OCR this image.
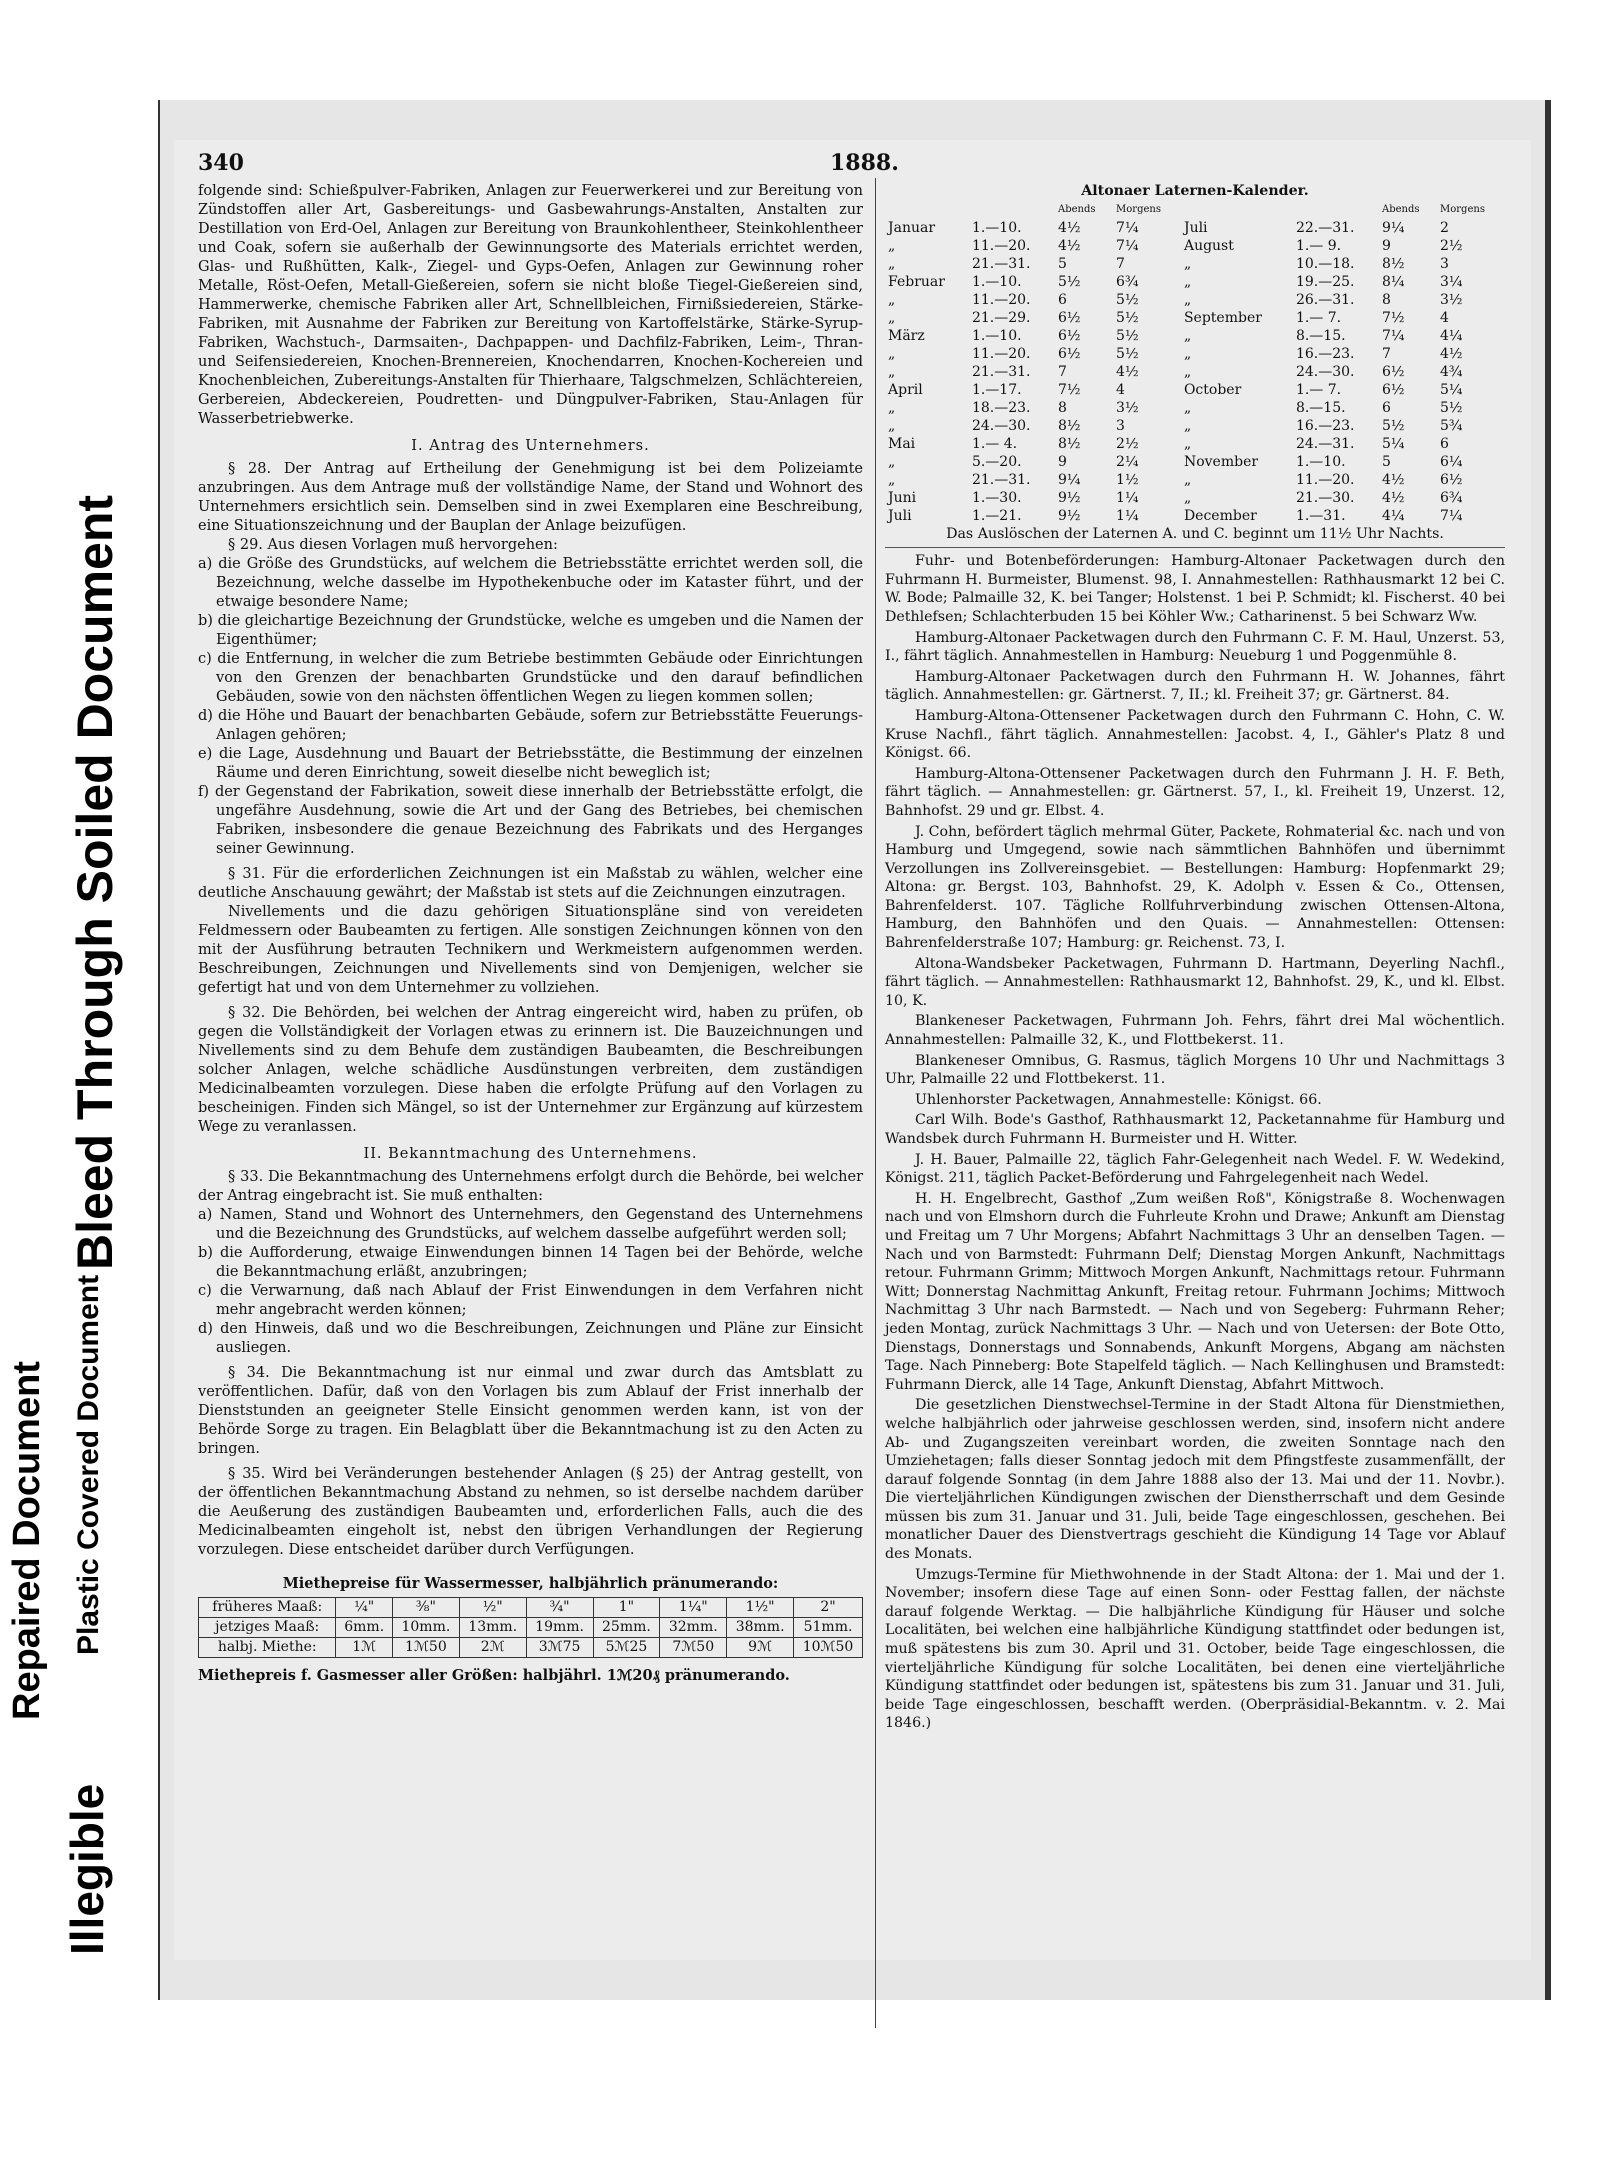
Repaired Document
Illegible
Plastic Covered Document
Bleed Through Soiled Document
340	1888.

folgende sind: Schießpulver-Fabriken, Anlagen zur Feuerwerkerei und zur Bereitung von Zündstoffen aller Art, Gasbereitungs- und Gasbewahrungs-Anstalten, Anstalten zur Destillation von Erd-Oel, Anlagen zur Bereitung von Braunkohlentheer, Steinkohlentheer und Coak, sofern sie außerhalb der Gewinnungsorte des Materials errichtet werden, Glas- und Rußhütten, Kalk-, Ziegel- und Gyps-Oefen, Anlagen zur Gewinnung roher Metalle, Röst-Oefen, Metall-Gießereien, sofern sie nicht bloße Tiegel-Gießereien sind, Hammerwerke, chemische Fabriken aller Art, Schnellbleichen, Firnißsiedereien, Stärke-Fabriken, mit Ausnahme der Fabriken zur Bereitung von Kartoffelstärke, Stärke-Syrup-Fabriken, Wachstuch-, Darmsaiten-, Dachpappen- und Dachfilz-Fabriken, Leim-, Thran- und Seifensiedereien, Knochen-Brennereien, Knochendarren, Knochen-Kochereien und Knochenbleichen, Zubereitungs-Anstalten für Thierhaare, Talgschmelzen, Schlächtereien, Gerbereien, Abdeckereien, Poudretten- und Düngpulver-Fabriken, Stau-Anlagen für Wasserbetriebwerke.

I. Antrag des Unternehmers.

§ 28. Der Antrag auf Ertheilung der Genehmigung ist bei dem Polizeiamte anzubringen. Aus dem Antrage muß der vollständige Name, der Stand und Wohnort des Unternehmers ersichtlich sein. Demselben sind in zwei Exemplaren eine Beschreibung, eine Situationszeichnung und der Bauplan der Anlage beizufügen.

§ 29. Aus diesen Vorlagen muß hervorgehen:

a) die Größe des Grundstücks, auf welchem die Betriebsstätte errichtet werden soll, die Bezeichnung, welche dasselbe im Hypothekenbuche oder im Kataster führt, und der etwaige besondere Name;

b) die gleichartige Bezeichnung der Grundstücke, welche es umgeben und die Namen der Eigenthümer;

c) die Entfernung, in welcher die zum Betriebe bestimmten Gebäude oder Einrichtungen von den Grenzen der benachbarten Grundstücke und den darauf befindlichen Gebäuden, sowie von den nächsten öffentlichen Wegen zu liegen kommen sollen;

d) die Höhe und Bauart der benachbarten Gebäude, sofern zur Betriebsstätte Feuerungs-Anlagen gehören;

e) die Lage, Ausdehnung und Bauart der Betriebsstätte, die Bestimmung der einzelnen Räume und deren Einrichtung, soweit dieselbe nicht beweglich ist;

f) der Gegenstand der Fabrikation, soweit diese innerhalb der Betriebsstätte erfolgt, die ungefähre Ausdehnung, sowie die Art und der Gang des Betriebes, bei chemischen Fabriken, insbesondere die genaue Bezeichnung des Fabrikats und des Herganges seiner Gewinnung.

§ 31. Für die erforderlichen Zeichnungen ist ein Maßstab zu wählen, welcher eine deutliche Anschauung gewährt; der Maßstab ist stets auf die Zeichnungen einzutragen.

Nivellements und die dazu gehörigen Situationspläne sind von vereideten Feldmessern oder Baubeamten zu fertigen. Alle sonstigen Zeichnungen können von den mit der Ausführung betrauten Technikern und Werkmeistern aufgenommen werden. Beschreibungen, Zeichnungen und Nivellements sind von Demjenigen, welcher sie gefertigt hat und von dem Unternehmer zu vollziehen.

§ 32. Die Behörden, bei welchen der Antrag eingereicht wird, haben zu prüfen, ob gegen die Vollständigkeit der Vorlagen etwas zu erinnern ist. Die Bauzeichnungen und Nivellements sind zu dem Behufe dem zuständigen Baubeamten, die Beschreibungen solcher Anlagen, welche schädliche Ausdünstungen verbreiten, dem zuständigen Medicinalbeamten vorzulegen. Diese haben die erfolgte Prüfung auf den Vorlagen zu bescheinigen. Finden sich Mängel, so ist der Unternehmer zur Ergänzung auf kürzestem Wege zu veranlassen.

II. Bekanntmachung des Unternehmens.

§ 33. Die Bekanntmachung des Unternehmens erfolgt durch die Behörde, bei welcher der Antrag eingebracht ist. Sie muß enthalten:

a) Namen, Stand und Wohnort des Unternehmers, den Gegenstand des Unternehmens und die Bezeichnung des Grundstücks, auf welchem dasselbe aufgeführt werden soll;

b) die Aufforderung, etwaige Einwendungen binnen 14 Tagen bei der Behörde, welche die Bekanntmachung erläßt, anzubringen;

c) die Verwarnung, daß nach Ablauf der Frist Einwendungen in dem Verfahren nicht mehr angebracht werden können;

d) den Hinweis, daß und wo die Beschreibungen, Zeichnungen und Pläne zur Einsicht ausliegen.

§ 34. Die Bekanntmachung ist nur einmal und zwar durch das Amtsblatt zu veröffentlichen. Dafür, daß von den Vorlagen bis zum Ablauf der Frist innerhalb der Dienststunden an geeigneter Stelle Einsicht genommen werden kann, ist von der Behörde Sorge zu tragen. Ein Belagblatt über die Bekanntmachung ist zu den Acten zu bringen.

§ 35. Wird bei Veränderungen bestehender Anlagen (§ 25) der Antrag gestellt, von der öffentlichen Bekanntmachung Abstand zu nehmen, so ist derselbe nachdem darüber die Aeußerung des zuständigen Baubeamten und, erforderlichen Falls, auch die des Medicinalbeamten eingeholt ist, nebst den übrigen Verhandlungen der Regierung vorzulegen. Diese entscheidet darüber durch Verfügungen.

Miethepreise für Wassermesser, halbjährlich pränumerando:

früheres Maaß:	¼"	⅜"	½"	¾"	1"	1¼"	1½"	2"
jetziges Maaß:	6mm.	10mm.	13mm.	19mm.	25mm.	32mm.	38mm.	51mm.
halbj. Miethe:	1ℳ	1ℳ50	2ℳ	3ℳ75	5ℳ25	7ℳ50	9ℳ	10ℳ50

Miethepreis f. Gasmesser aller Größen: halbjährl. 1ℳ20₰ pränumerando.

Altonaer Laternen-Kalender.

		Abends	Morgens			Abends	Morgens
Januar	1.—10.	4½	7¼	Juli	22.—31.	9¼	2
„	11.—20.	4½	7¼	August	1.— 9.	9	2½
„	21.—31.	5	7	„	10.—18.	8½	3
Februar	1.—10.	5½	6¾	„	19.—25.	8¼	3¼
„	11.—20.	6	5½	„	26.—31.	8	3½
„	21.—29.	6½	5½	September	1.— 7.	7½	4
März	1.—10.	6½	5½	„	8.—15.	7¼	4¼
„	11.—20.	6½	5½	„	16.—23.	7	4½
„	21.—31.	7	4½	„	24.—30.	6½	4¾
April	1.—17.	7½	4	October	1.— 7.	6½	5¼
„	18.—23.	8	3½	„	8.—15.	6	5½
„	24.—30.	8½	3	„	16.—23.	5½	5¾
Mai	1.— 4.	8½	2½	„	24.—31.	5¼	6
„	5.—20.	9	2¼	November	1.—10.	5	6¼
„	21.—31.	9¼	1½	„	11.—20.	4½	6½
Juni	1.—30.	9½	1¼	„	21.—30.	4½	6¾
Juli	1.—21.	9½	1¼	December	1.—31.	4¼	7¼

Das Auslöschen der Laternen A. und C. beginnt um 11½ Uhr Nachts.

Fuhr- und Botenbeförderungen: Hamburg-Altonaer Packetwagen durch den Fuhrmann H. Burmeister, Blumenst. 98, I. Annahmestellen: Rathhausmarkt 12 bei C. W. Bode; Palmaille 32, K. bei Tanger; Holstenst. 1 bei P. Schmidt; kl. Fischerst. 40 bei Dethlefsen; Schlachterbuden 15 bei Köhler Ww.; Catharinenst. 5 bei Schwarz Ww.

Hamburg-Altonaer Packetwagen durch den Fuhrmann C. F. M. Haul, Unzerst. 53, I., fährt täglich. Annahmestellen in Hamburg: Neueburg 1 und Poggenmühle 8.

Hamburg-Altonaer Packetwagen durch den Fuhrmann H. W. Johannes, fährt täglich. Annahmestellen: gr. Gärtnerst. 7, II.; kl. Freiheit 37; gr. Gärtnerst. 84.

Hamburg-Altona-Ottensener Packetwagen durch den Fuhrmann C. Hohn, C. W. Kruse Nachfl., fährt täglich. Annahmestellen: Jacobst. 4, I., Gähler's Platz 8 und Königst. 66.

Hamburg-Altona-Ottensener Packetwagen durch den Fuhrmann J. H. F. Beth, fährt täglich. — Annahmestellen: gr. Gärtnerst. 57, I., kl. Freiheit 19, Unzerst. 12, Bahnhofst. 29 und gr. Elbst. 4.

J. Cohn, befördert täglich mehrmal Güter, Packete, Rohmaterial &c. nach und von Hamburg und Umgegend, sowie nach sämmtlichen Bahnhöfen und übernimmt Verzollungen ins Zollvereinsgebiet. — Bestellungen: Hamburg: Hopfenmarkt 29; Altona: gr. Bergst. 103, Bahnhofst. 29, K. Adolph v. Essen & Co., Ottensen, Bahrenfelderst. 107. Tägliche Rollfuhrverbindung zwischen Ottensen-Altona, Hamburg, den Bahnhöfen und den Quais. — Annahmestellen: Ottensen: Bahrenfelderstraße 107; Hamburg: gr. Reichenst. 73, I.

Altona-Wandsbeker Packetwagen, Fuhrmann D. Hartmann, Deyerling Nachfl., fährt täglich. — Annahmestellen: Rathhausmarkt 12, Bahnhofst. 29, K., und kl. Elbst. 10, K.

Blankeneser Packetwagen, Fuhrmann Joh. Fehrs, fährt drei Mal wöchentlich. Annahmestellen: Palmaille 32, K., und Flottbekerst. 11.

Blankeneser Omnibus, G. Rasmus, täglich Morgens 10 Uhr und Nachmittags 3 Uhr, Palmaille 22 und Flottbekerst. 11.

Uhlenhorster Packetwagen, Annahmestelle: Königst. 66.

Carl Wilh. Bode's Gasthof, Rathhausmarkt 12, Packetannahme für Hamburg und Wandsbek durch Fuhrmann H. Burmeister und H. Witter.

J. H. Bauer, Palmaille 22, täglich Fahr-Gelegenheit nach Wedel. F. W. Wedekind, Königst. 211, täglich Packet-Beförderung und Fahrgelegenheit nach Wedel.

H. H. Engelbrecht, Gasthof „Zum weißen Roß", Königstraße 8. Wochenwagen nach und von Elmshorn durch die Fuhrleute Krohn und Drawe; Ankunft am Dienstag und Freitag um 7 Uhr Morgens; Abfahrt Nachmittags 3 Uhr an denselben Tagen. — Nach und von Barmstedt: Fuhrmann Delf; Dienstag Morgen Ankunft, Nachmittags retour. Fuhrmann Grimm; Mittwoch Morgen Ankunft, Nachmittags retour. Fuhrmann Witt; Donnerstag Nachmittag Ankunft, Freitag retour. Fuhrmann Jochims; Mittwoch Nachmittag 3 Uhr nach Barmstedt. — Nach und von Segeberg: Fuhrmann Reher; jeden Montag, zurück Nachmittags 3 Uhr. — Nach und von Uetersen: der Bote Otto, Dienstags, Donnerstags und Sonnabends, Ankunft Morgens, Abgang am nächsten Tage. Nach Pinneberg: Bote Stapelfeld täglich. — Nach Kellinghusen und Bramstedt: Fuhrmann Dierck, alle 14 Tage, Ankunft Dienstag, Abfahrt Mittwoch.

Die gesetzlichen Dienstwechsel-Termine in der Stadt Altona für Dienstmiethen, welche halbjährlich oder jahrweise geschlossen werden, sind, insofern nicht andere Ab- und Zugangszeiten vereinbart worden, die zweiten Sonntage nach den Umziehetagen; falls dieser Sonntag jedoch mit dem Pfingstfeste zusammenfällt, der darauf folgende Sonntag (in dem Jahre 1888 also der 13. Mai und der 11. Novbr.). Die vierteljährlichen Kündigungen zwischen der Dienstherrschaft und dem Gesinde müssen bis zum 31. Januar und 31. Juli, beide Tage eingeschlossen, geschehen. Bei monatlicher Dauer des Dienstvertrags geschieht die Kündigung 14 Tage vor Ablauf des Monats.

Umzugs-Termine für Miethwohnende in der Stadt Altona: der 1. Mai und der 1. November; insofern diese Tage auf einen Sonn- oder Festtag fallen, der nächste darauf folgende Werktag. — Die halbjährliche Kündigung für Häuser und solche Localitäten, bei welchen eine halbjährliche Kündigung stattfindet oder bedungen ist, muß spätestens bis zum 30. April und 31. October, beide Tage eingeschlossen, die vierteljährliche Kündigung für solche Localitäten, bei denen eine vierteljährliche Kündigung stattfindet oder bedungen ist, spätestens bis zum 31. Januar und 31. Juli, beide Tage eingeschlossen, beschafft werden. (Oberpräsidial-Bekanntm. v. 2. Mai 1846.)
